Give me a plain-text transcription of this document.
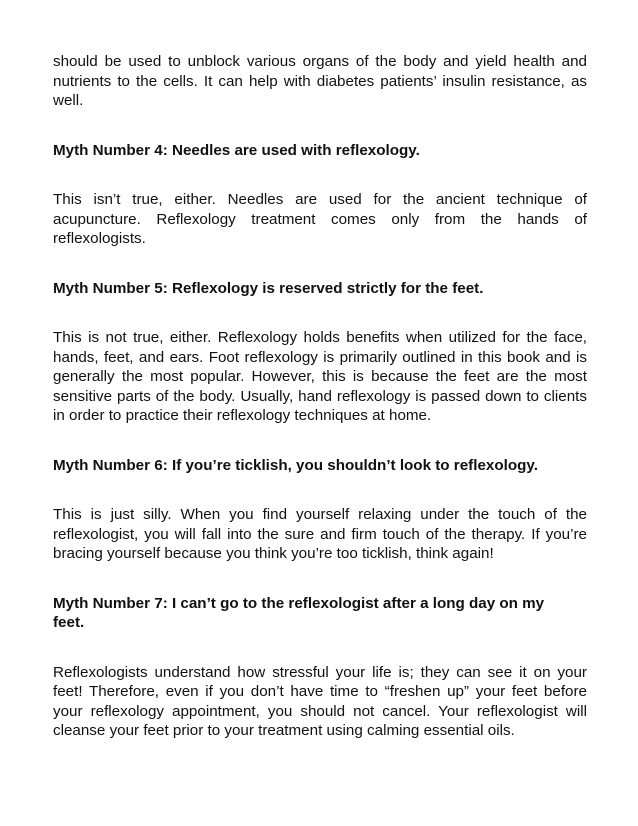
should be used to unblock various organs of the body and yield health and nutrients to the cells. It can help with diabetes patients’ insulin resistance, as well.

Myth Number 4: Needles are used with reflexology.

This isn’t true, either. Needles are used for the ancient technique of acupuncture. Reflexology treatment comes only from the hands of reflexologists.

Myth Number 5: Reflexology is reserved strictly for the feet.

This is not true, either. Reflexology holds benefits when utilized for the face, hands, feet, and ears. Foot reflexology is primarily outlined in this book and is generally the most popular. However, this is because the feet are the most sensitive parts of the body. Usually, hand reflexology is passed down to clients in order to practice their reflexology techniques at home.

Myth Number 6: If you’re ticklish, you shouldn’t look to reflexology.

This is just silly. When you find yourself relaxing under the touch of the reflexologist, you will fall into the sure and firm touch of the therapy. If you’re bracing yourself because you think you’re too ticklish, think again!

Myth Number 7: I can’t go to the reflexologist after a long day on my feet.

Reflexologists understand how stressful your life is; they can see it on your feet! Therefore, even if you don’t have time to “freshen up” your feet before your reflexology appointment, you should not cancel. Your reflexologist will cleanse your feet prior to your treatment using calming essential oils.
